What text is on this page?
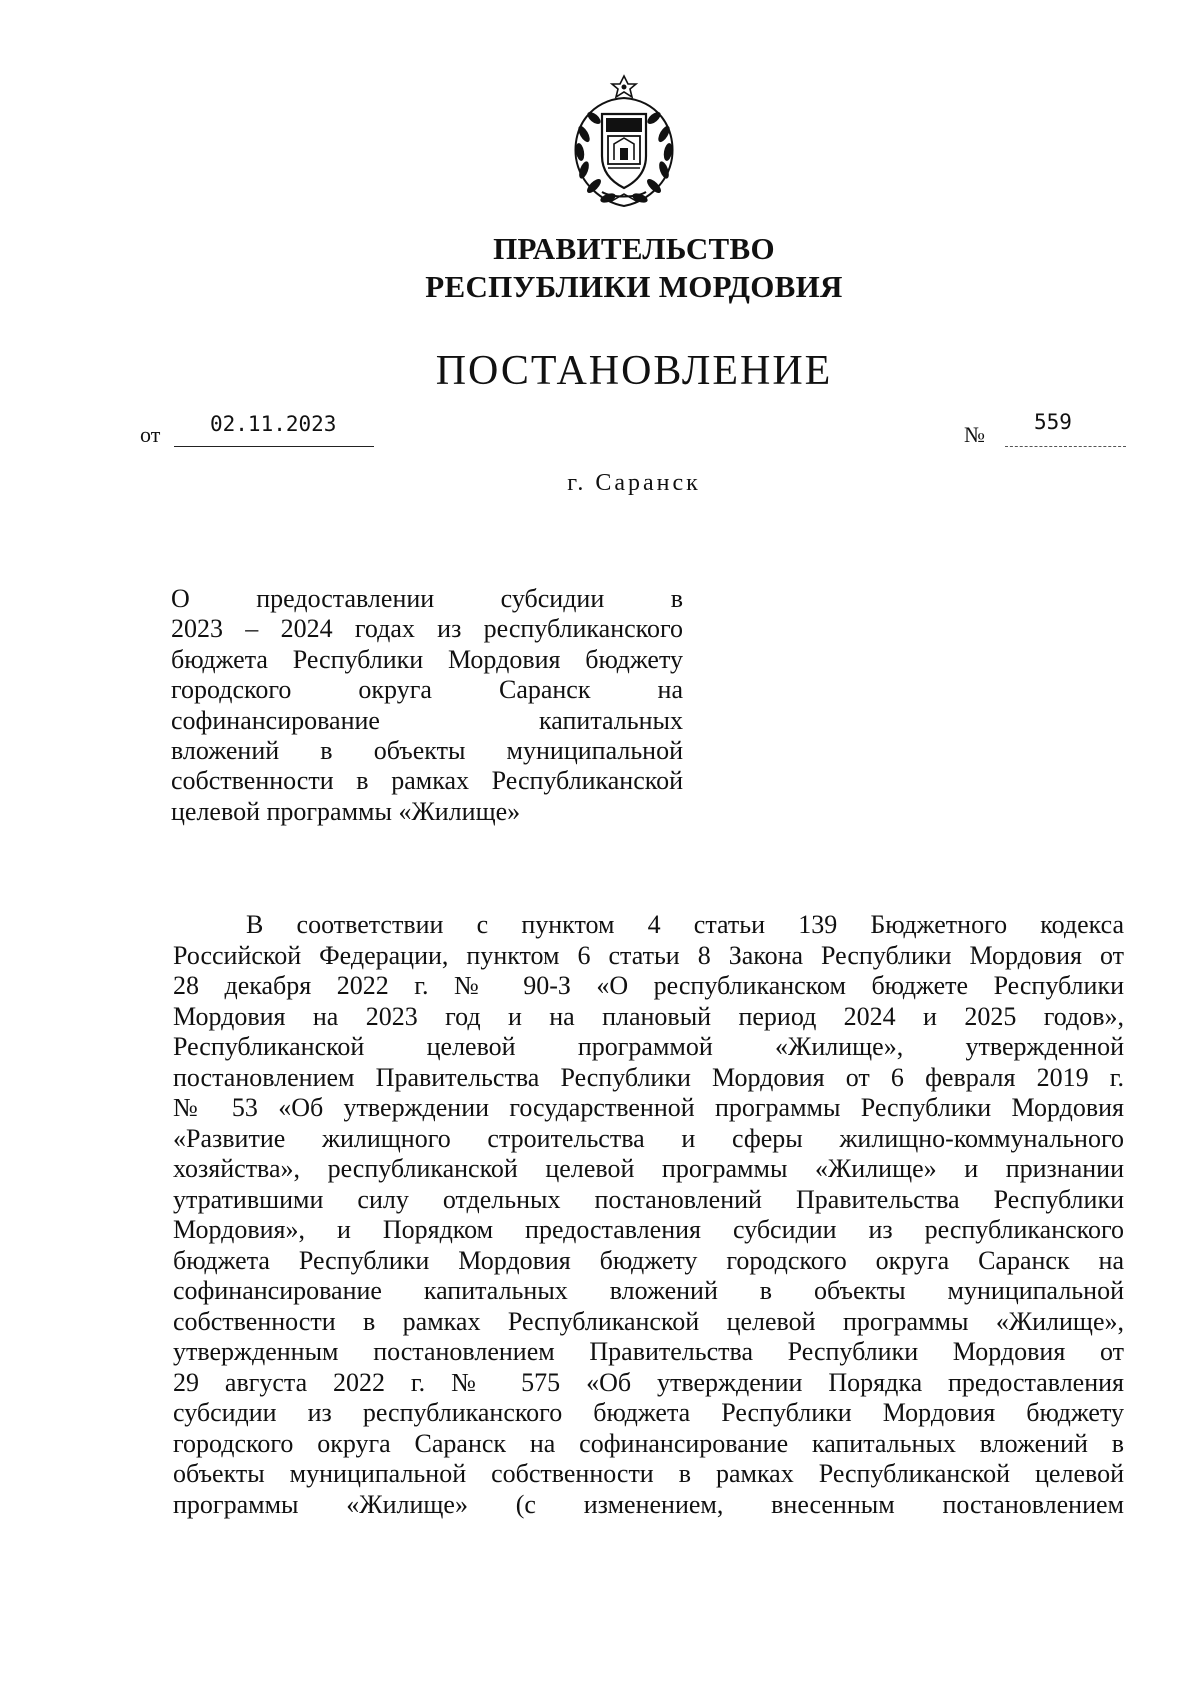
ПРАВИТЕЛЬСТВО
РЕСПУБЛИКИ МОРДОВИЯ
ПОСТАНОВЛЕНИЕ
от 02.11.2023	№ 559
г. Саранск
О предоставлении субсидии в
2023 – 2024 годах из республиканского
бюджета Республики Мордовия бюджету
городского округа Саранск на
софинансирование капитальных
вложений в объекты муниципальной
собственности в рамках Республиканской
целевой программы «Жилище»
В соответствии с пунктом 4 статьи 139 Бюджетного кодекса
Российской Федерации, пунктом 6 статьи 8 Закона Республики Мордовия от
28 декабря 2022 г. № 90-З «О республиканском бюджете Республики
Мордовия на 2023 год и на плановый период 2024 и 2025 годов»,
Республиканской целевой программой «Жилище», утвержденной
постановлением Правительства Республики Мордовия от 6 февраля 2019 г.
№ 53 «Об утверждении государственной программы Республики Мордовия
«Развитие жилищного строительства и сферы жилищно-коммунального
хозяйства», республиканской целевой программы «Жилище» и признании
утратившими силу отдельных постановлений Правительства Республики
Мордовия», и Порядком предоставления субсидии из республиканского
бюджета Республики Мордовия бюджету городского округа Саранск на
софинансирование капитальных вложений в объекты муниципальной
собственности в рамках Республиканской целевой программы «Жилище»,
утвержденным постановлением Правительства Республики Мордовия от
29 августа 2022 г. № 575 «Об утверждении Порядка предоставления
субсидии из республиканского бюджета Республики Мордовия бюджету
городского округа Саранск на софинансирование капитальных вложений в
объекты муниципальной собственности в рамках Республиканской целевой
программы «Жилище» (с изменением, внесенным постановлением
